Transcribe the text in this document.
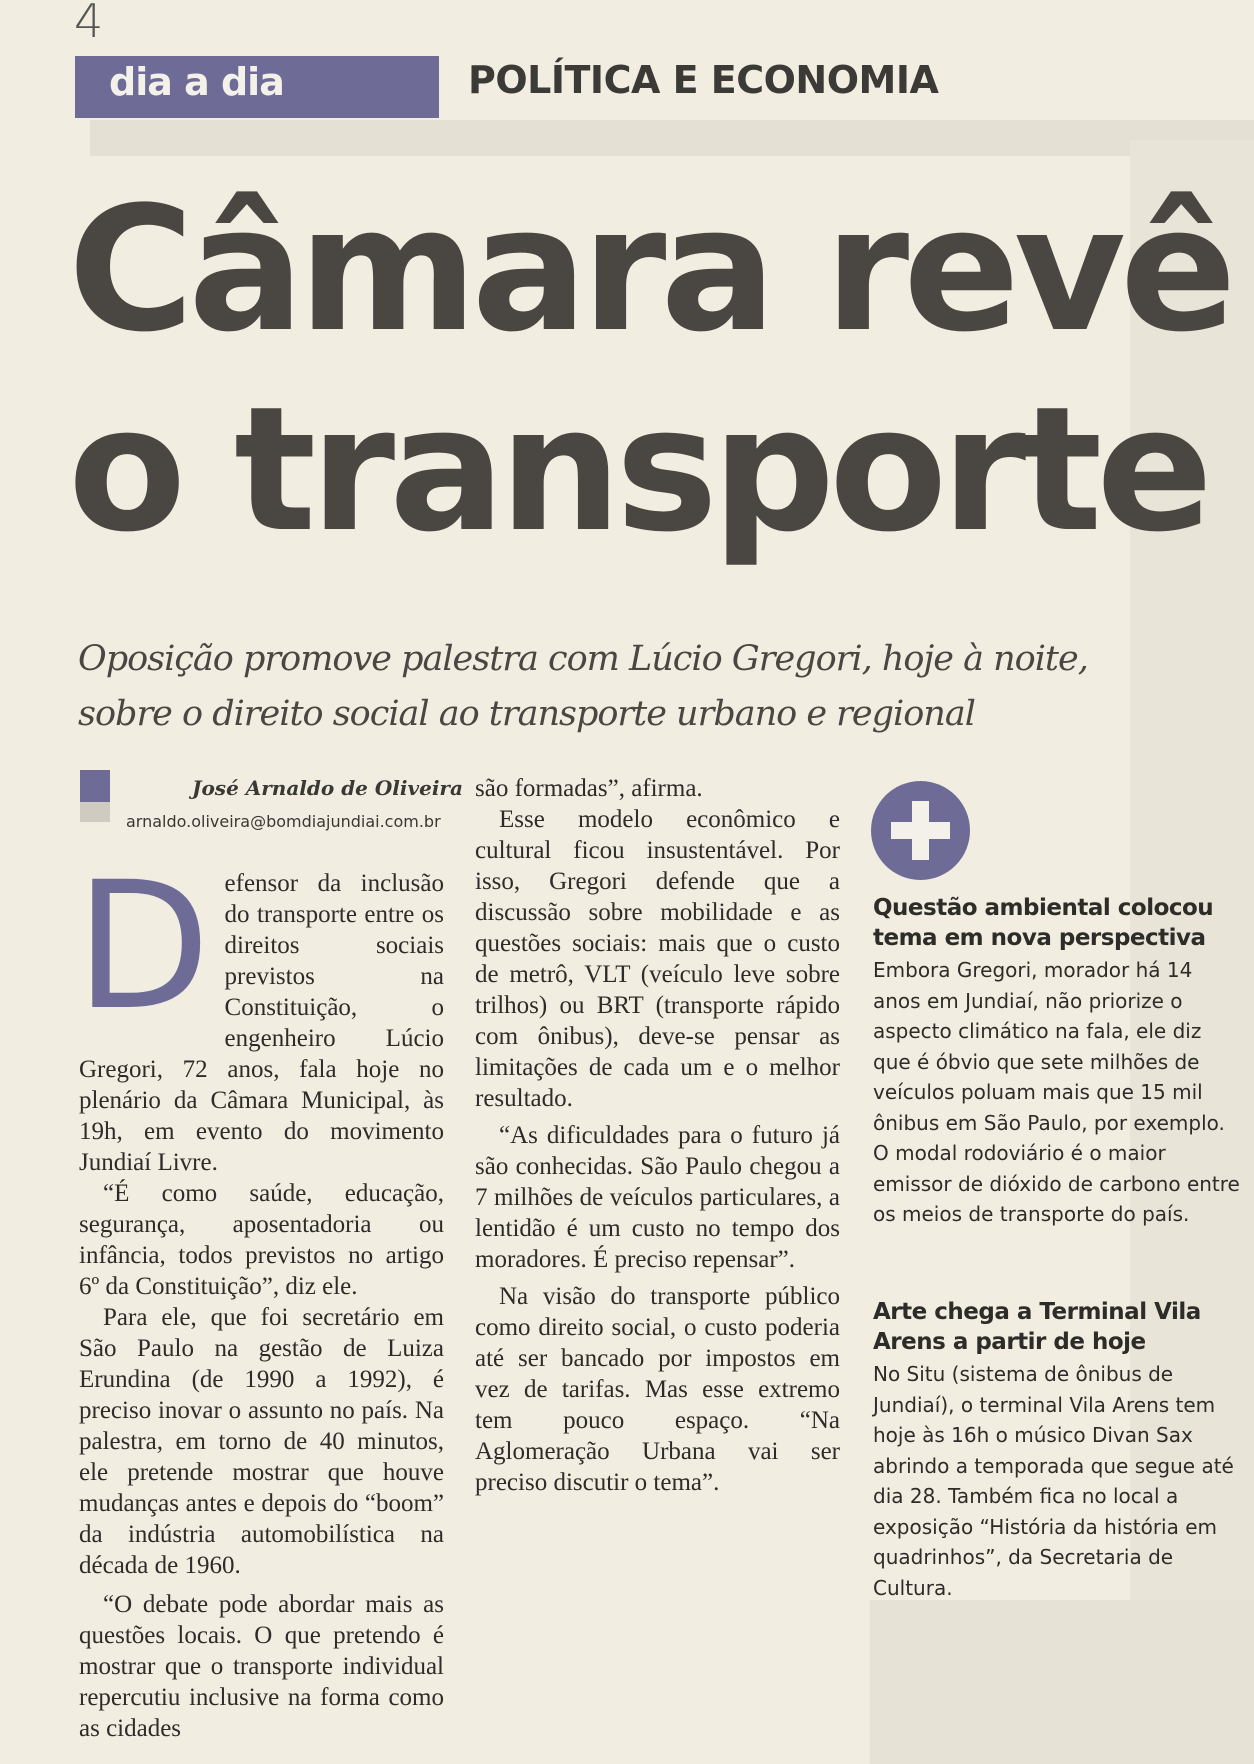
4

dia a dia	POLÍTICA E ECONOMIA

Câmara revê
o transporte

Oposição promove palestra com Lúcio Gregori, hoje à noite,
sobre o direito social ao transporte urbano e regional

José Arnaldo de Oliveira
arnaldo.oliveira@bomdiajundiai.com.br
D efensor da inclusão do transporte entre os direitos sociais previstos na Constituição, o engenheiro Lúcio Gregori, 72 anos, fala hoje no plenário da Câmara Municipal, às 19h, em evento do movimento Jundiaí Livre.

“É como saúde, educação, segurança, aposentadoria ou infância, todos previstos no artigo 6º da Constituição”, diz ele.

Para ele, que foi secretário em São Paulo na gestão de Luiza Erundina (de 1990 a 1992), é preciso inovar o assunto no país. Na palestra, em torno de 40 minutos, ele pretende mostrar que houve mudanças antes e depois do “boom” da indústria automobilística na década de 1960.

“O debate pode abordar mais as questões locais. O que pretendo é mostrar que o transporte individual repercutiu inclusive na forma como as cidades

são formadas”, afirma.

Esse modelo econômico e cultural ficou insustentável. Por isso, Gregori defende que a discussão sobre mobilidade e as questões sociais: mais que o custo de metrô, VLT (veículo leve sobre trilhos) ou BRT (transporte rápido com ônibus), deve-se pensar as limitações de cada um e o melhor resultado.

“As dificuldades para o futuro já são conhecidas. São Paulo chegou a 7 milhões de veículos particulares, a lentidão é um custo no tempo dos moradores. É preciso repensar”.

Na visão do transporte público como direito social, o custo poderia até ser bancado por impostos em vez de tarifas. Mas esse extremo tem pouco espaço. “Na Aglomeração Urbana vai ser preciso discutir o tema”.

Questão ambiental colocou tema em nova perspectiva

Embora Gregori, morador há 14 anos em Jundiaí, não priorize o aspecto climático na fala, ele diz que é óbvio que sete milhões de veículos poluam mais que 15 mil ônibus em São Paulo, por exemplo. O modal rodoviário é o maior emissor de dióxido de carbono entre os meios de transporte do país.

Arte chega a Terminal Vila Arens a partir de hoje

No Situ (sistema de ônibus de Jundiaí), o terminal Vila Arens tem hoje às 16h o músico Divan Sax abrindo a temporada que segue até dia 28. Também fica no local a exposição “História da história em quadrinhos”, da Secretaria de Cultura.
